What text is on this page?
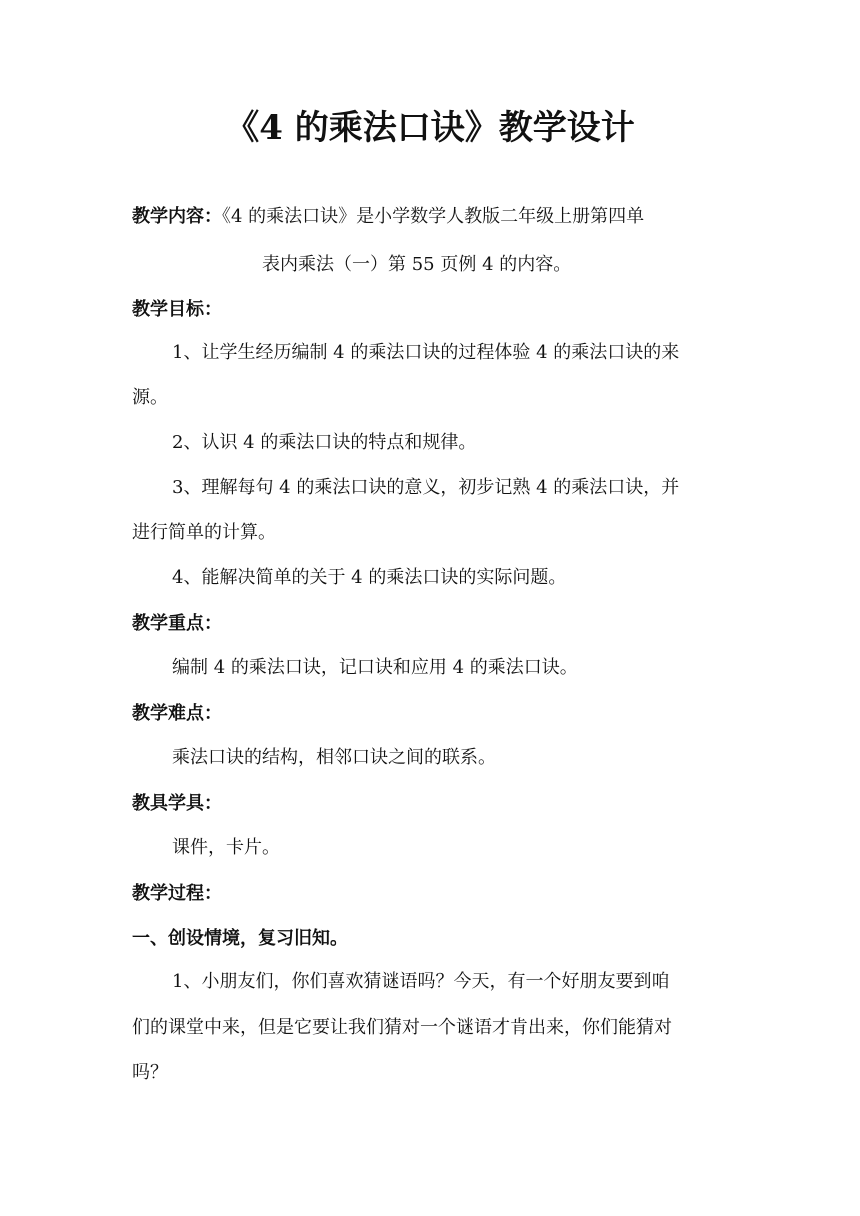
《4 的乘法口诀》教学设计
教学内容：《4 的乘法口诀》是小学数学人教版二年级上册第四单
表内乘法（一）第 55 页例 4 的内容。
教学目标：
1、让学生经历编制 4 的乘法口诀的过程体验 4 的乘法口诀的来
源。
2、认识 4 的乘法口诀的特点和规律。
3、理解每句 4 的乘法口诀的意义，初步记熟 4 的乘法口诀，并
进行简单的计算。
4、能解决简单的关于 4 的乘法口诀的实际问题。
教学重点：
编制 4 的乘法口诀，记口诀和应用 4 的乘法口诀。
教学难点：
乘法口诀的结构，相邻口诀之间的联系。
教具学具：
课件，卡片。
教学过程：
一、创设情境，复习旧知。
1、小朋友们，你们喜欢猜谜语吗？今天，有一个好朋友要到咱
们的课堂中来，但是它要让我们猜对一个谜语才肯出来，你们能猜对
吗？
